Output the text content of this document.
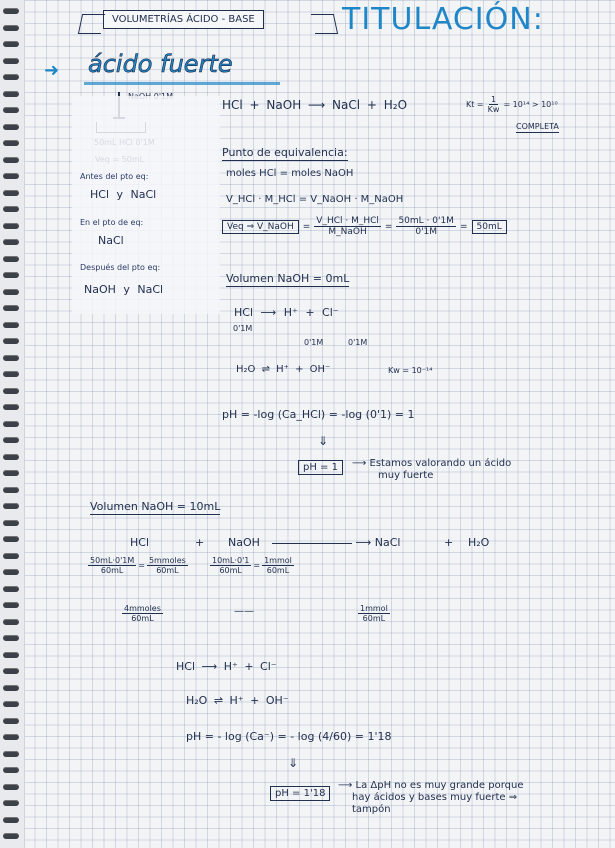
VOLUMETRÍAS ÁCIDO - BASE	TITULACIÓN:
➜ ácido fuerte
HCl + NaOH ⟶ NaCl + H₂O	$Kt = \frac{1}{Kw} = 10^{14} > 10^{10}$
COMPLETA
Antes del pto eq:
HCl y NaCl
En el pto de eq:
NaCl
Después del pto eq:
NaOH y NaCl
Punto de equivalencia:
moles HCl = moles NaOH
V_HCl · M_HCl = V_NaOH · M_NaOH
Veq ⇒ V_NaOH	= $\frac{\text{V\_HCl · M\_HCl}}{\text{M\_NaOH}} = \frac{50mL \cdot 0'1M}{0'1M}$ =	50mL
Volumen NaOH = 0mL
HCl ⟶ H⁺ + Cl⁻
0'1M
0'1M	0'1M
H₂O ⇌ H⁺ + OH⁻	Kw = 10⁻¹⁴
pH = -log (Ca_HCl) = -log (0'1) = 1
⇓
pH = 1	⟶ Estamos valorando un ácido
muy fuerte
Volumen NaOH = 10mL
HCl	+ NaOH	⟶ NaCl	+ H₂O
$\frac{50mL\cdot 0'1M}{60mL} = \frac{\text{5mmoles}}{60mL}$	$\frac{10mL\cdot 0'1}{60mL} = \frac{\text{1mmol}}{60mL}$
$\frac{\text{4mmoles}}{60mL}$	——	$\frac{\text{1mmol}}{60mL}$
HCl ⟶ H⁺ + Cl⁻
H₂O ⇌ H⁺ + OH⁻
pH = - log (Ca⁻) = - log (4/60) = 1'18
⇓
pH = 1'18
⟶ La ΔpH no es muy grande porque
hay ácidos y bases muy fuerte ⇒
tampón
